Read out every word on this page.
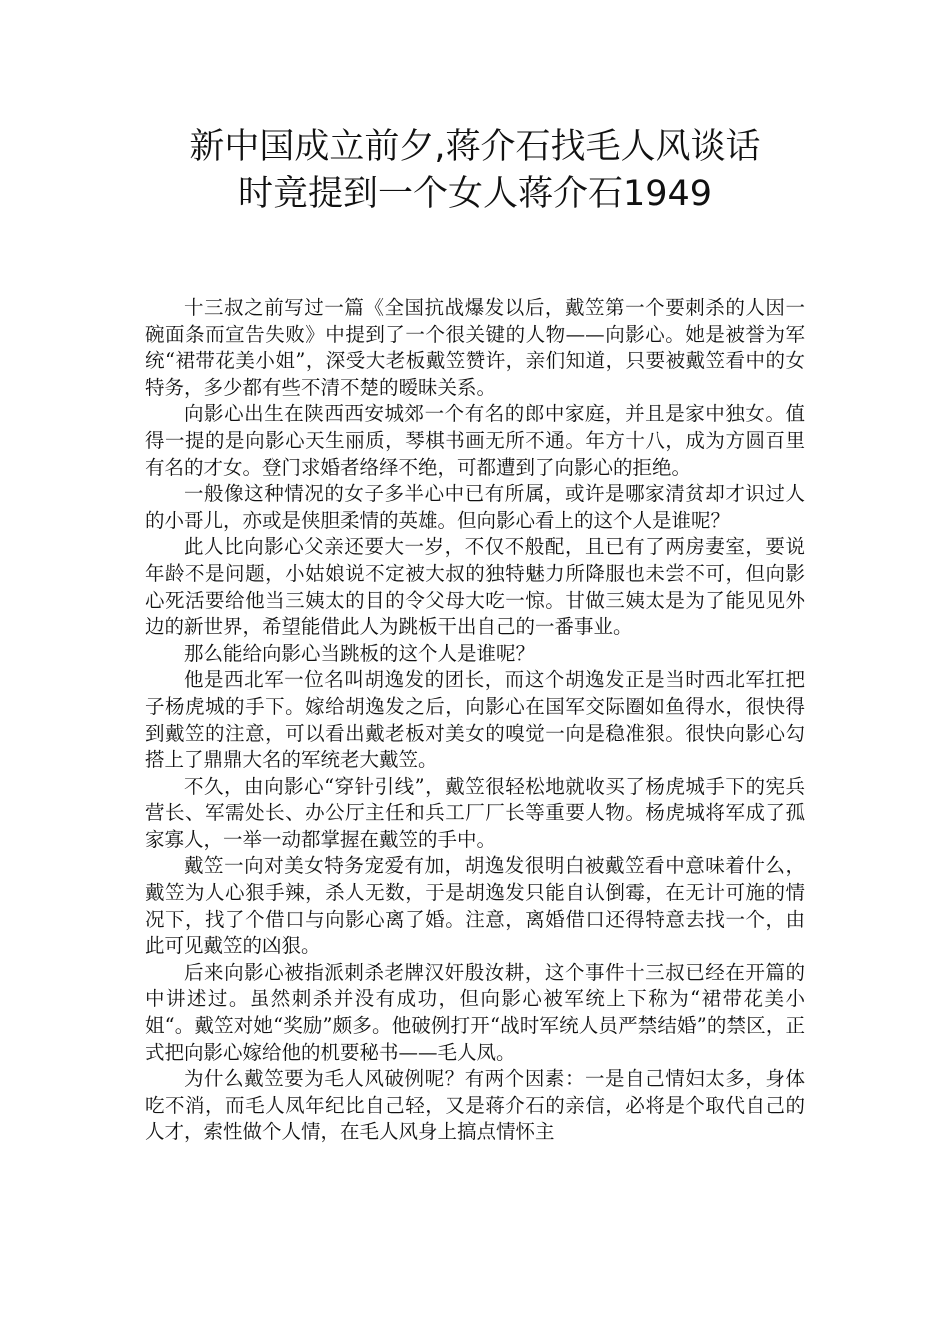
新中国成立前夕,蒋介石找毛人风谈话
时竟提到一个女人蒋介石1949

十三叔之前写过一篇《全国抗战爆发以后，戴笠第一个要刺杀的人因一碗面条而宣告失败》中提到了一个很关键的人物——向影心。她是被誉为军统“裙带花美小姐”，深受大老板戴笠赞许，亲们知道，只要被戴笠看中的女特务，多少都有些不清不楚的暧昧关系。

向影心出生在陕西西安城郊一个有名的郎中家庭，并且是家中独女。值得一提的是向影心天生丽质，琴棋书画无所不通。年方十八，成为方圆百里有名的才女。登门求婚者络绎不绝，可都遭到了向影心的拒绝。

一般像这种情况的女子多半心中已有所属，或许是哪家清贫却才识过人的小哥儿，亦或是侠胆柔情的英雄。但向影心看上的这个人是谁呢？

此人比向影心父亲还要大一岁，不仅不般配，且已有了两房妻室，要说年龄不是问题，小姑娘说不定被大叔的独特魅力所降服也未尝不可，但向影心死活要给他当三姨太的目的令父母大吃一惊。甘做三姨太是为了能见见外边的新世界，希望能借此人为跳板干出自己的一番事业。

那么能给向影心当跳板的这个人是谁呢？

他是西北军一位名叫胡逸发的团长，而这个胡逸发正是当时西北军扛把子杨虎城的手下。嫁给胡逸发之后，向影心在国军交际圈如鱼得水，很快得到戴笠的注意，可以看出戴老板对美女的嗅觉一向是稳准狠。很快向影心勾搭上了鼎鼎大名的军统老大戴笠。

不久，由向影心“穿针引线”，戴笠很轻松地就收买了杨虎城手下的宪兵营长、军需处长、办公厅主任和兵工厂厂长等重要人物。杨虎城将军成了孤家寡人，一举一动都掌握在戴笠的手中。

戴笠一向对美女特务宠爱有加，胡逸发很明白被戴笠看中意味着什么，戴笠为人心狠手辣，杀人无数，于是胡逸发只能自认倒霉，在无计可施的情况下，找了个借口与向影心离了婚。注意，离婚借口还得特意去找一个，由此可见戴笠的凶狠。

后来向影心被指派刺杀老牌汉奸殷汝耕，这个事件十三叔已经在开篇的中讲述过。虽然刺杀并没有成功，但向影心被军统上下称为“裙带花美小姐“。戴笠对她“奖励”颇多。他破例打开“战时军统人员严禁结婚”的禁区，正式把向影心嫁给他的机要秘书——毛人凤。

为什么戴笠要为毛人风破例呢？有两个因素：一是自己情妇太多，身体吃不消，而毛人凤年纪比自己轻，又是蒋介石的亲信，必将是个取代自己的人才，索性做个人情，在毛人风身上搞点情怀主
